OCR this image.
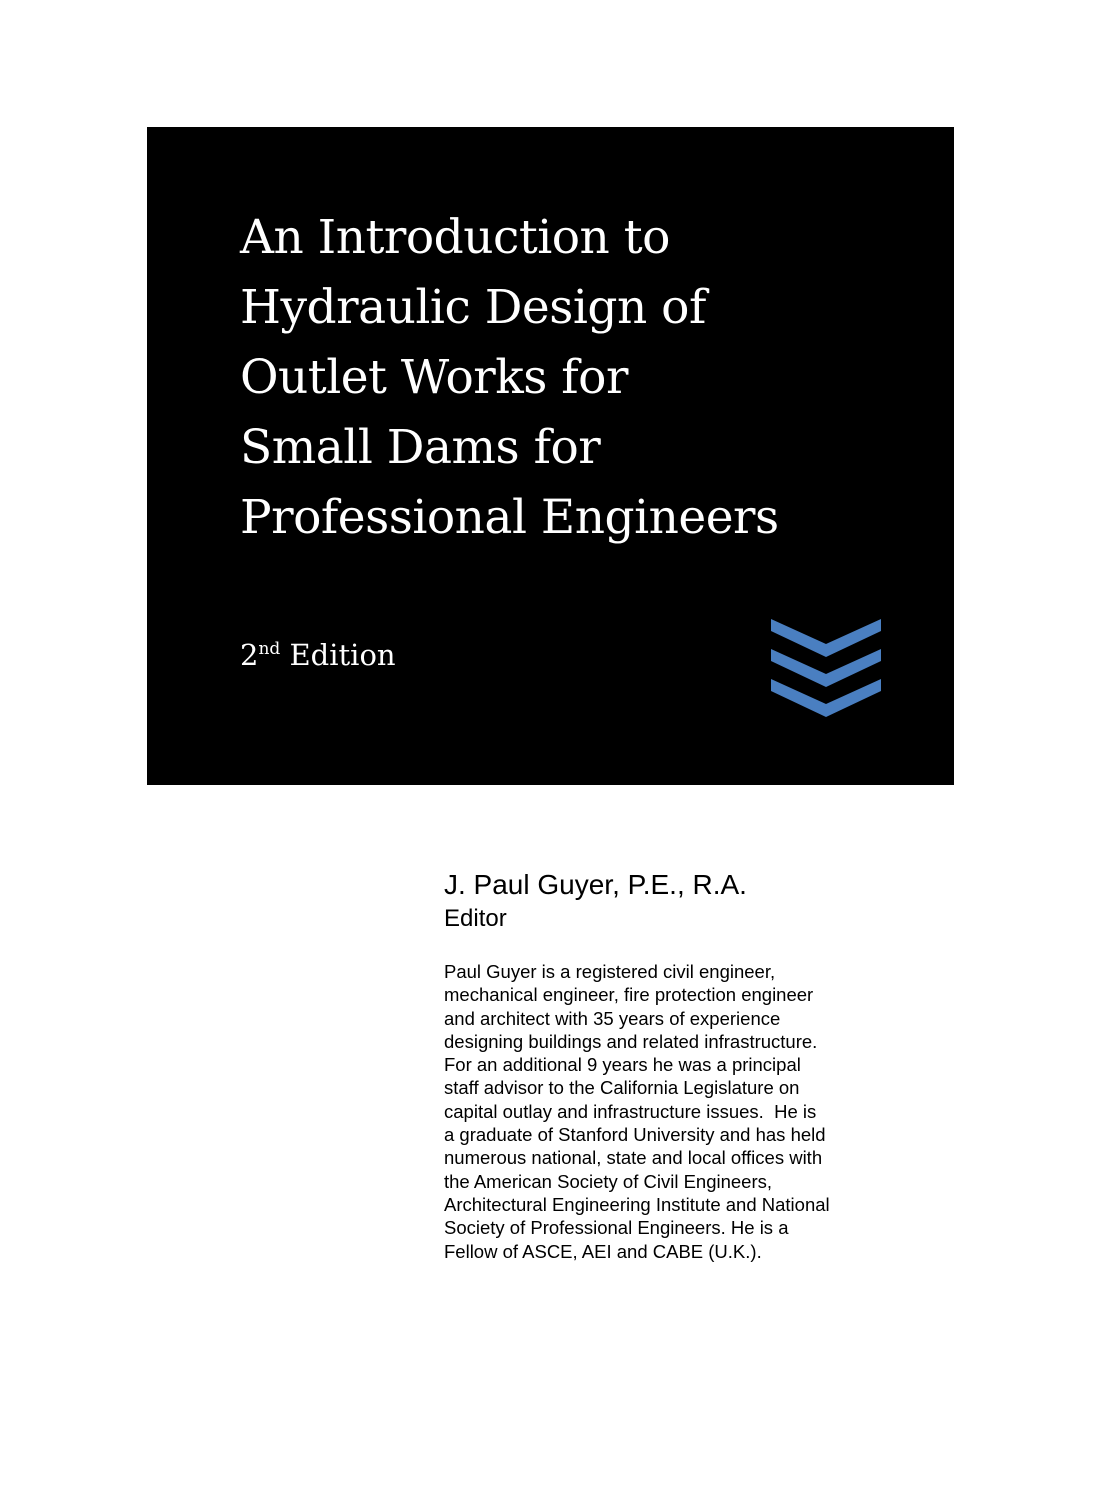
An Introduction to
Hydraulic Design of
Outlet Works for
Small Dams for
Professional Engineers
2nd Edition
J. Paul Guyer, P.E., R.A.
Editor

Paul Guyer is a registered civil engineer,
mechanical engineer, fire protection engineer
and architect with 35 years of experience
designing buildings and related infrastructure.
For an additional 9 years he was a principal
staff advisor to the California Legislature on
capital outlay and infrastructure issues.  He is
a graduate of Stanford University and has held
numerous national, state and local offices with
the American Society of Civil Engineers,
Architectural Engineering Institute and National
Society of Professional Engineers. He is a
Fellow of ASCE, AEI and CABE (U.K.).
